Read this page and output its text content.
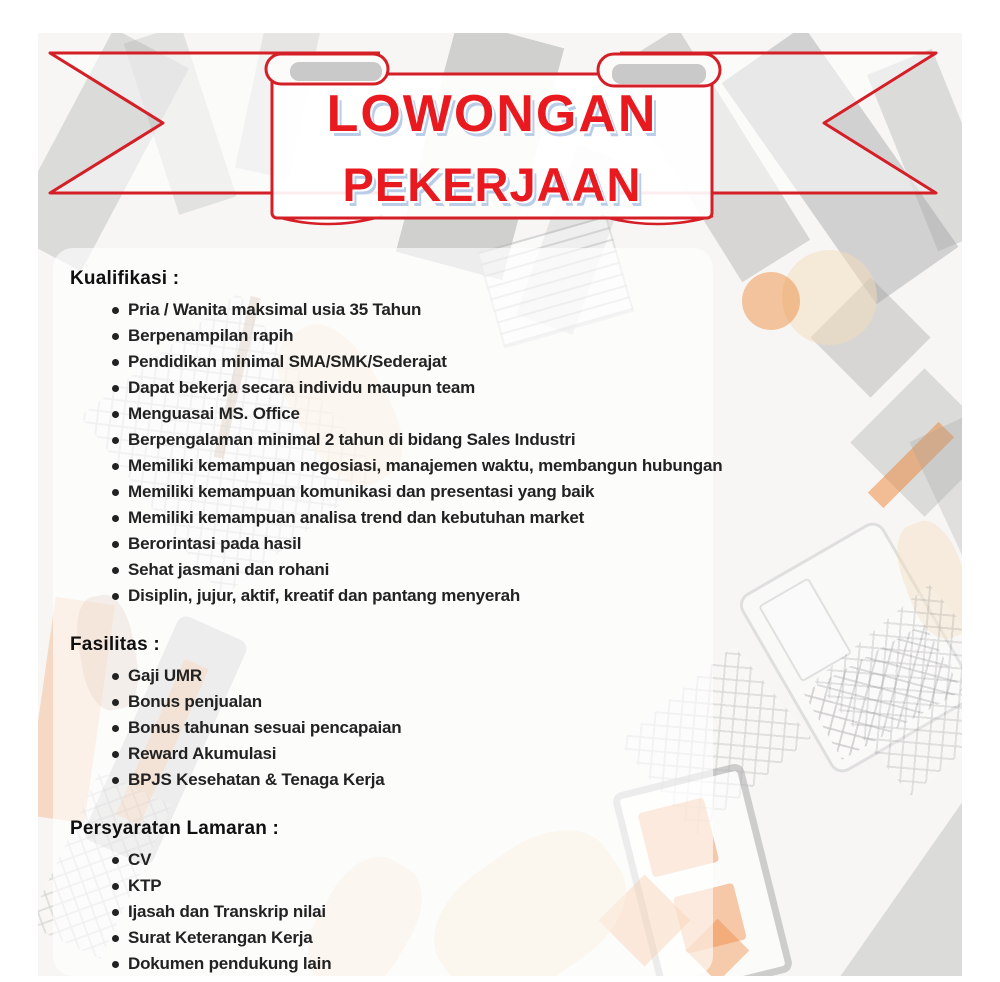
LOWONGAN
PEKERJAAN
Kualifikasi :
Pria / Wanita maksimal usia 35 Tahun
Berpenampilan rapih
Pendidikan minimal SMA/SMK/Sederajat
Dapat bekerja secara individu maupun team
Menguasai MS. Office
Berpengalaman minimal 2 tahun di bidang Sales Industri
Memiliki kemampuan negosiasi, manajemen waktu, membangun hubungan
Memiliki kemampuan komunikasi dan presentasi yang baik
Memiliki kemampuan analisa trend dan kebutuhan market
Berorintasi pada hasil
Sehat jasmani dan rohani
Disiplin, jujur, aktif, kreatif dan pantang menyerah
Fasilitas :
Gaji UMR
Bonus penjualan
Bonus tahunan sesuai pencapaian
Reward Akumulasi
BPJS Kesehatan & Tenaga Kerja
Persyaratan Lamaran :
CV
KTP
Ijasah dan Transkrip nilai
Surat Keterangan Kerja
Dokumen pendukung lain
